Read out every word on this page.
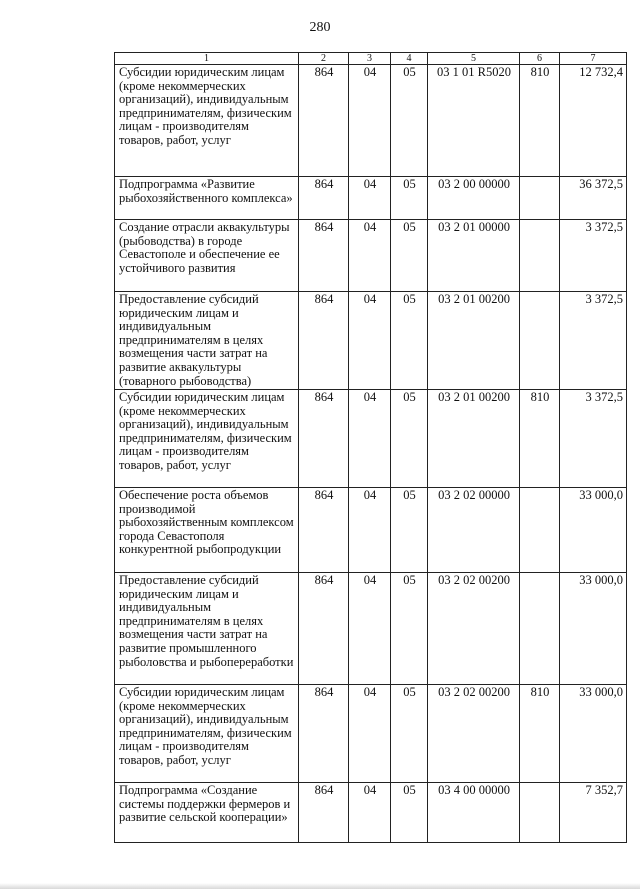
280
1	2	3	4	5	6	7
Субсидии юридическим лицам (кроме некоммерческих организаций), индивидуальным предпринимателям, физическим лицам - производителям товаров, работ, услуг	864	04	05	03 1 01 R5020	810	12 732,4
Подпрограмма «Развитие рыбохозяйственного комплекса»	864	04	05	03 2 00 00000		36 372,5
Создание отрасли аквакультуры (рыбоводства) в городе Севастополе и обеспечение ее устойчивого развития	864	04	05	03 2 01 00000		3 372,5
Предоставление субсидий юридическим лицам и индивидуальным предпринимателям в целях возмещения части затрат на развитие аквакультуры (товарного рыбоводства)	864	04	05	03 2 01 00200		3 372,5
Субсидии юридическим лицам (кроме некоммерческих организаций), индивидуальным предпринимателям, физическим лицам - производителям товаров, работ, услуг	864	04	05	03 2 01 00200	810	3 372,5
Обеспечение роста объемов производимой рыбохозяйственным комплексом города Севастополя конкурентной рыбопродукции	864	04	05	03 2 02 00000		33 000,0
Предоставление субсидий юридическим лицам и индивидуальным предпринимателям в целях возмещения части затрат на развитие промышленного рыболовства и рыбопереработки	864	04	05	03 2 02 00200		33 000,0
Субсидии юридическим лицам (кроме некоммерческих организаций), индивидуальным предпринимателям, физическим лицам - производителям товаров, работ, услуг	864	04	05	03 2 02 00200	810	33 000,0
Подпрограмма «Создание системы поддержки фермеров и развитие сельской кооперации»	864	04	05	03 4 00 00000		7 352,7
